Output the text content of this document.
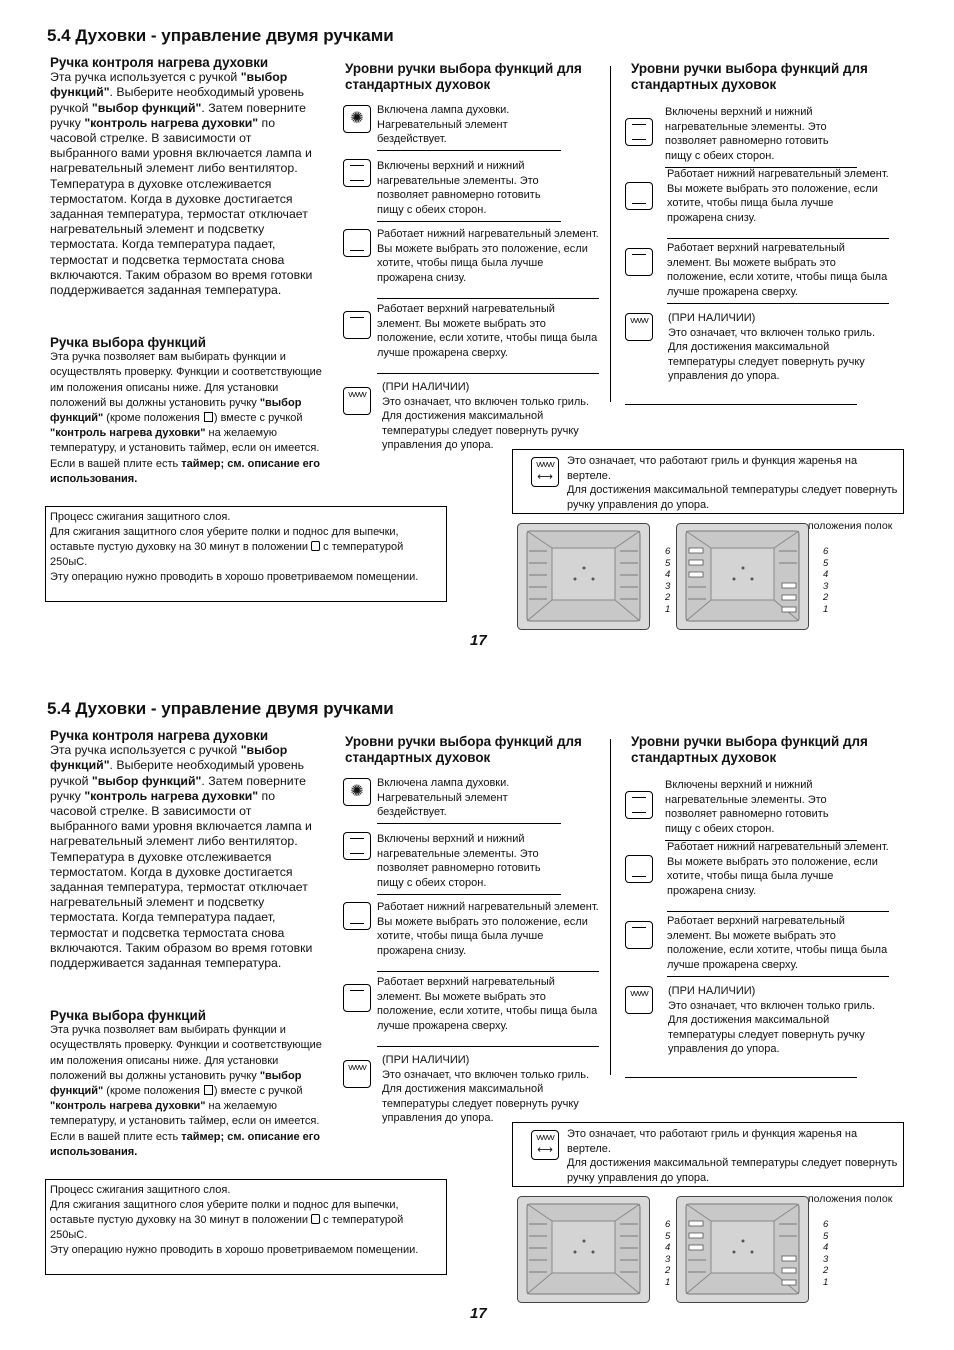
5.4 Духовки - управление двумя ручками
Ручка контроля нагрева духовки
Эта ручка используется с ручкой "выбор функций". Выберите необходимый уровень ручкой "выбор функций". Затем поверните ручку "контроль нагрева духовки" по часовой стрелке. В зависимости от выбранного вами уровня включается лампа и нагревательный элемент либо вентилятор. Температура в духовке отслеживается термостатом. Когда в духовке достигается заданная температура, термостат отключает нагревательный элемент и подсветку термостата. Когда температура падает, термостат и подсветка термостата снова включаются. Таким образом во время готовки поддерживается заданная температура.
Ручка выбора функций
Эта ручка позволяет вам выбирать функции и осуществлять проверку. Функции и соответствующие им положения описаны ниже. Для установки положений вы должны установить ручку "выбор функций" (кроме положения ) вместе с ручкой "контроль нагрева духовки" на желаемую температуру, и установить таймер, если он имеется. Если в вашей плите есть таймер; см. описание его использования.
Процесс сжигания защитного слоя.
Для сжигания защитного слоя уберите полки и поднос для выпечки, оставьте пустую духовку на 30 минут в положении с температурой 250ыС.
Эту операцию нужно проводить в хорошо проветриваемом помещении.
Уровни ручки выбора функций для стандартных духовок
✺	Включена лампа духовки. Нагревательный элемент бездействует.
Включены верхний и нижний нагревательные элементы. Это позволяет равномерно готовить пищу с обеих сторон.
Работает нижний нагревательный элемент. Вы можете выбрать это положение, если хотите, чтобы пища была лучше прожарена снизу.
Работает верхний нагревательный элемент. Вы можете выбрать это положение, если хотите, чтобы пища была лучше прожарена сверху.
vvvvv
(ПРИ НАЛИЧИИ)
Это означает, что включен только гриль. Для достижения максимальной температуры следует повернуть ручку управления до упора.
Уровни ручки выбора функций для стандартных духовок
Включены верхний и нижний нагревательные элементы. Это позволяет равномерно готовить пищу с обеих сторон.
Работает нижний нагревательный элемент. Вы можете выбрать это положение, если хотите, чтобы пища была лучше прожарена снизу.
Работает верхний нагревательный элемент. Вы можете выбрать это положение, если хотите, чтобы пища была лучше прожарена сверху.
vvvvv (ПРИ НАЛИЧИИ)
Это означает, что включен только гриль. Для достижения максимальной температуры следует повернуть ручку управления до упора.
vvvvv
⟷
Это означает, что работают гриль и функция жаренья на вертеле.
Для достижения максимальной температуры следует повернуть ручку управления до упора.
положения полок
6
5
4
3
2
1
6
5
4
3
2
1
17
5.4 Духовки - управление двумя ручками
Ручка контроля нагрева духовки
Эта ручка используется с ручкой "выбор функций". Выберите необходимый уровень ручкой "выбор функций". Затем поверните ручку "контроль нагрева духовки" по часовой стрелке. В зависимости от выбранного вами уровня включается лампа и нагревательный элемент либо вентилятор. Температура в духовке отслеживается термостатом. Когда в духовке достигается заданная температура, термостат отключает нагревательный элемент и подсветку термостата. Когда температура падает, термостат и подсветка термостата снова включаются. Таким образом во время готовки поддерживается заданная температура.
Ручка выбора функций
Эта ручка позволяет вам выбирать функции и осуществлять проверку. Функции и соответствующие им положения описаны ниже. Для установки положений вы должны установить ручку "выбор функций" (кроме положения ) вместе с ручкой "контроль нагрева духовки" на желаемую температуру, и установить таймер, если он имеется. Если в вашей плите есть таймер; см. описание его использования.
Процесс сжигания защитного слоя.
Для сжигания защитного слоя уберите полки и поднос для выпечки, оставьте пустую духовку на 30 минут в положении с температурой 250ыС.
Эту операцию нужно проводить в хорошо проветриваемом помещении.
Уровни ручки выбора функций для стандартных духовок
✺	Включена лампа духовки. Нагревательный элемент бездействует.
Включены верхний и нижний нагревательные элементы. Это позволяет равномерно готовить пищу с обеих сторон.
Работает нижний нагревательный элемент. Вы можете выбрать это положение, если хотите, чтобы пища была лучше прожарена снизу.
Работает верхний нагревательный элемент. Вы можете выбрать это положение, если хотите, чтобы пища была лучше прожарена сверху.
vvvvv
(ПРИ НАЛИЧИИ)
Это означает, что включен только гриль. Для достижения максимальной температуры следует повернуть ручку управления до упора.
Уровни ручки выбора функций для стандартных духовок
Включены верхний и нижний нагревательные элементы. Это позволяет равномерно готовить пищу с обеих сторон.
Работает нижний нагревательный элемент. Вы можете выбрать это положение, если хотите, чтобы пища была лучше прожарена снизу.
Работает верхний нагревательный элемент. Вы можете выбрать это положение, если хотите, чтобы пища была лучше прожарена сверху.
vvvvv (ПРИ НАЛИЧИИ)
Это означает, что включен только гриль. Для достижения максимальной температуры следует повернуть ручку управления до упора.
vvvvv
⟷
Это означает, что работают гриль и функция жаренья на вертеле.
Для достижения максимальной температуры следует повернуть ручку управления до упора.
положения полок
6
5
4
3
2
1
6
5
4
3
2
1
17
